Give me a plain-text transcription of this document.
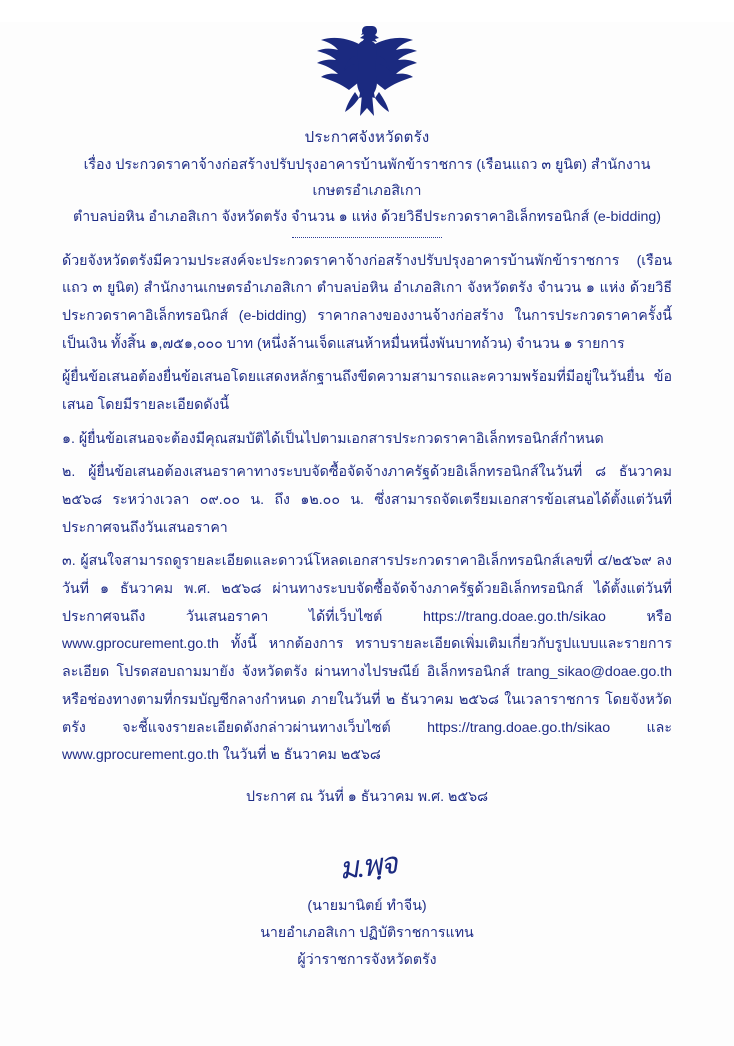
ประกาศจังหวัดตรัง
เรื่อง ประกวดราคาจ้างก่อสร้างปรับปรุงอาคารบ้านพักข้าราชการ (เรือนแถว ๓ ยูนิต) สำนักงานเกษตรอำเภอสิเกา
ตำบลบ่อหิน อำเภอสิเกา จังหวัดตรัง จำนวน ๑ แห่ง ด้วยวิธีประกวดราคาอิเล็กทรอนิกส์ (e-bidding)

ด้วยจังหวัดตรังมีความประสงค์จะประกวดราคาจ้างก่อสร้างปรับปรุงอาคารบ้านพักข้าราชการ (เรือนแถว ๓ ยูนิต) สำนักงานเกษตรอำเภอสิเกา ตำบลบ่อหิน อำเภอสิเกา จังหวัดตรัง จำนวน ๑ แห่ง ด้วยวิธีประกวดราคาอิเล็กทรอนิกส์ (e-bidding) ราคากลางของงานจ้างก่อสร้าง ในการประกวดราคาครั้งนี้ เป็นเงิน ทั้งสิ้น ๑,๗๕๑,๐๐๐ บาท (หนึ่งล้านเจ็ดแสนห้าหมื่นหนึ่งพันบาทถ้วน) จำนวน ๑ รายการ

ผู้ยื่นข้อเสนอต้องยื่นข้อเสนอโดยแสดงหลักฐานถึงขีดความสามารถและความพร้อมที่มีอยู่ในวันยื่น ข้อเสนอ โดยมีรายละเอียดดังนี้

๑. ผู้ยื่นข้อเสนอจะต้องมีคุณสมบัติได้เป็นไปตามเอกสารประกวดราคาอิเล็กทรอนิกส์กำหนด

๒. ผู้ยื่นข้อเสนอต้องเสนอราคาทางระบบจัดซื้อจัดจ้างภาครัฐด้วยอิเล็กทรอนิกส์ในวันที่ ๘ ธันวาคม ๒๕๖๘ ระหว่างเวลา ๐๙.๐๐ น. ถึง ๑๒.๐๐ น. ซึ่งสามารถจัดเตรียมเอกสารข้อเสนอได้ตั้งแต่วันที่ ประกาศจนถึงวันเสนอราคา

๓. ผู้สนใจสามารถดูรายละเอียดและดาวน์โหลดเอกสารประกวดราคาอิเล็กทรอนิกส์เลขที่ ๔/๒๕๖๙ ลงวันที่ ๑ ธันวาคม พ.ศ. ๒๕๖๘ ผ่านทางระบบจัดซื้อจัดจ้างภาครัฐด้วยอิเล็กทรอนิกส์ ได้ตั้งแต่วันที่ประกาศจนถึง วันเสนอราคา ได้ที่เว็บไซต์ https://trang.doae.go.th/sikao หรือ www.gprocurement.go.th ทั้งนี้ หากต้องการ ทราบรายละเอียดเพิ่มเติมเกี่ยวกับรูปแบบและรายการละเอียด โปรดสอบถามมายัง จังหวัดตรัง ผ่านทางไปรษณีย์ อิเล็กทรอนิกส์ trang_sikao@doae.go.th หรือช่องทางตามที่กรมบัญชีกลางกำหนด ภายในวันที่ ๒ ธันวาคม ๒๕๖๘ ในเวลาราชการ โดยจังหวัดตรัง จะชี้แจงรายละเอียดดังกล่าวผ่านทางเว็บไซต์ https://trang.doae.go.th/sikao และ www.gprocurement.go.th ในวันที่ ๒ ธันวาคม ๒๕๖๘

ประกาศ ณ วันที่ ๑ ธันวาคม พ.ศ. ๒๕๖๘

ม.พฺจ
(นายมานิตย์ ทำจีน)
นายอำเภอสิเกา ปฏิบัติราชการแทน
ผู้ว่าราชการจังหวัดตรัง
